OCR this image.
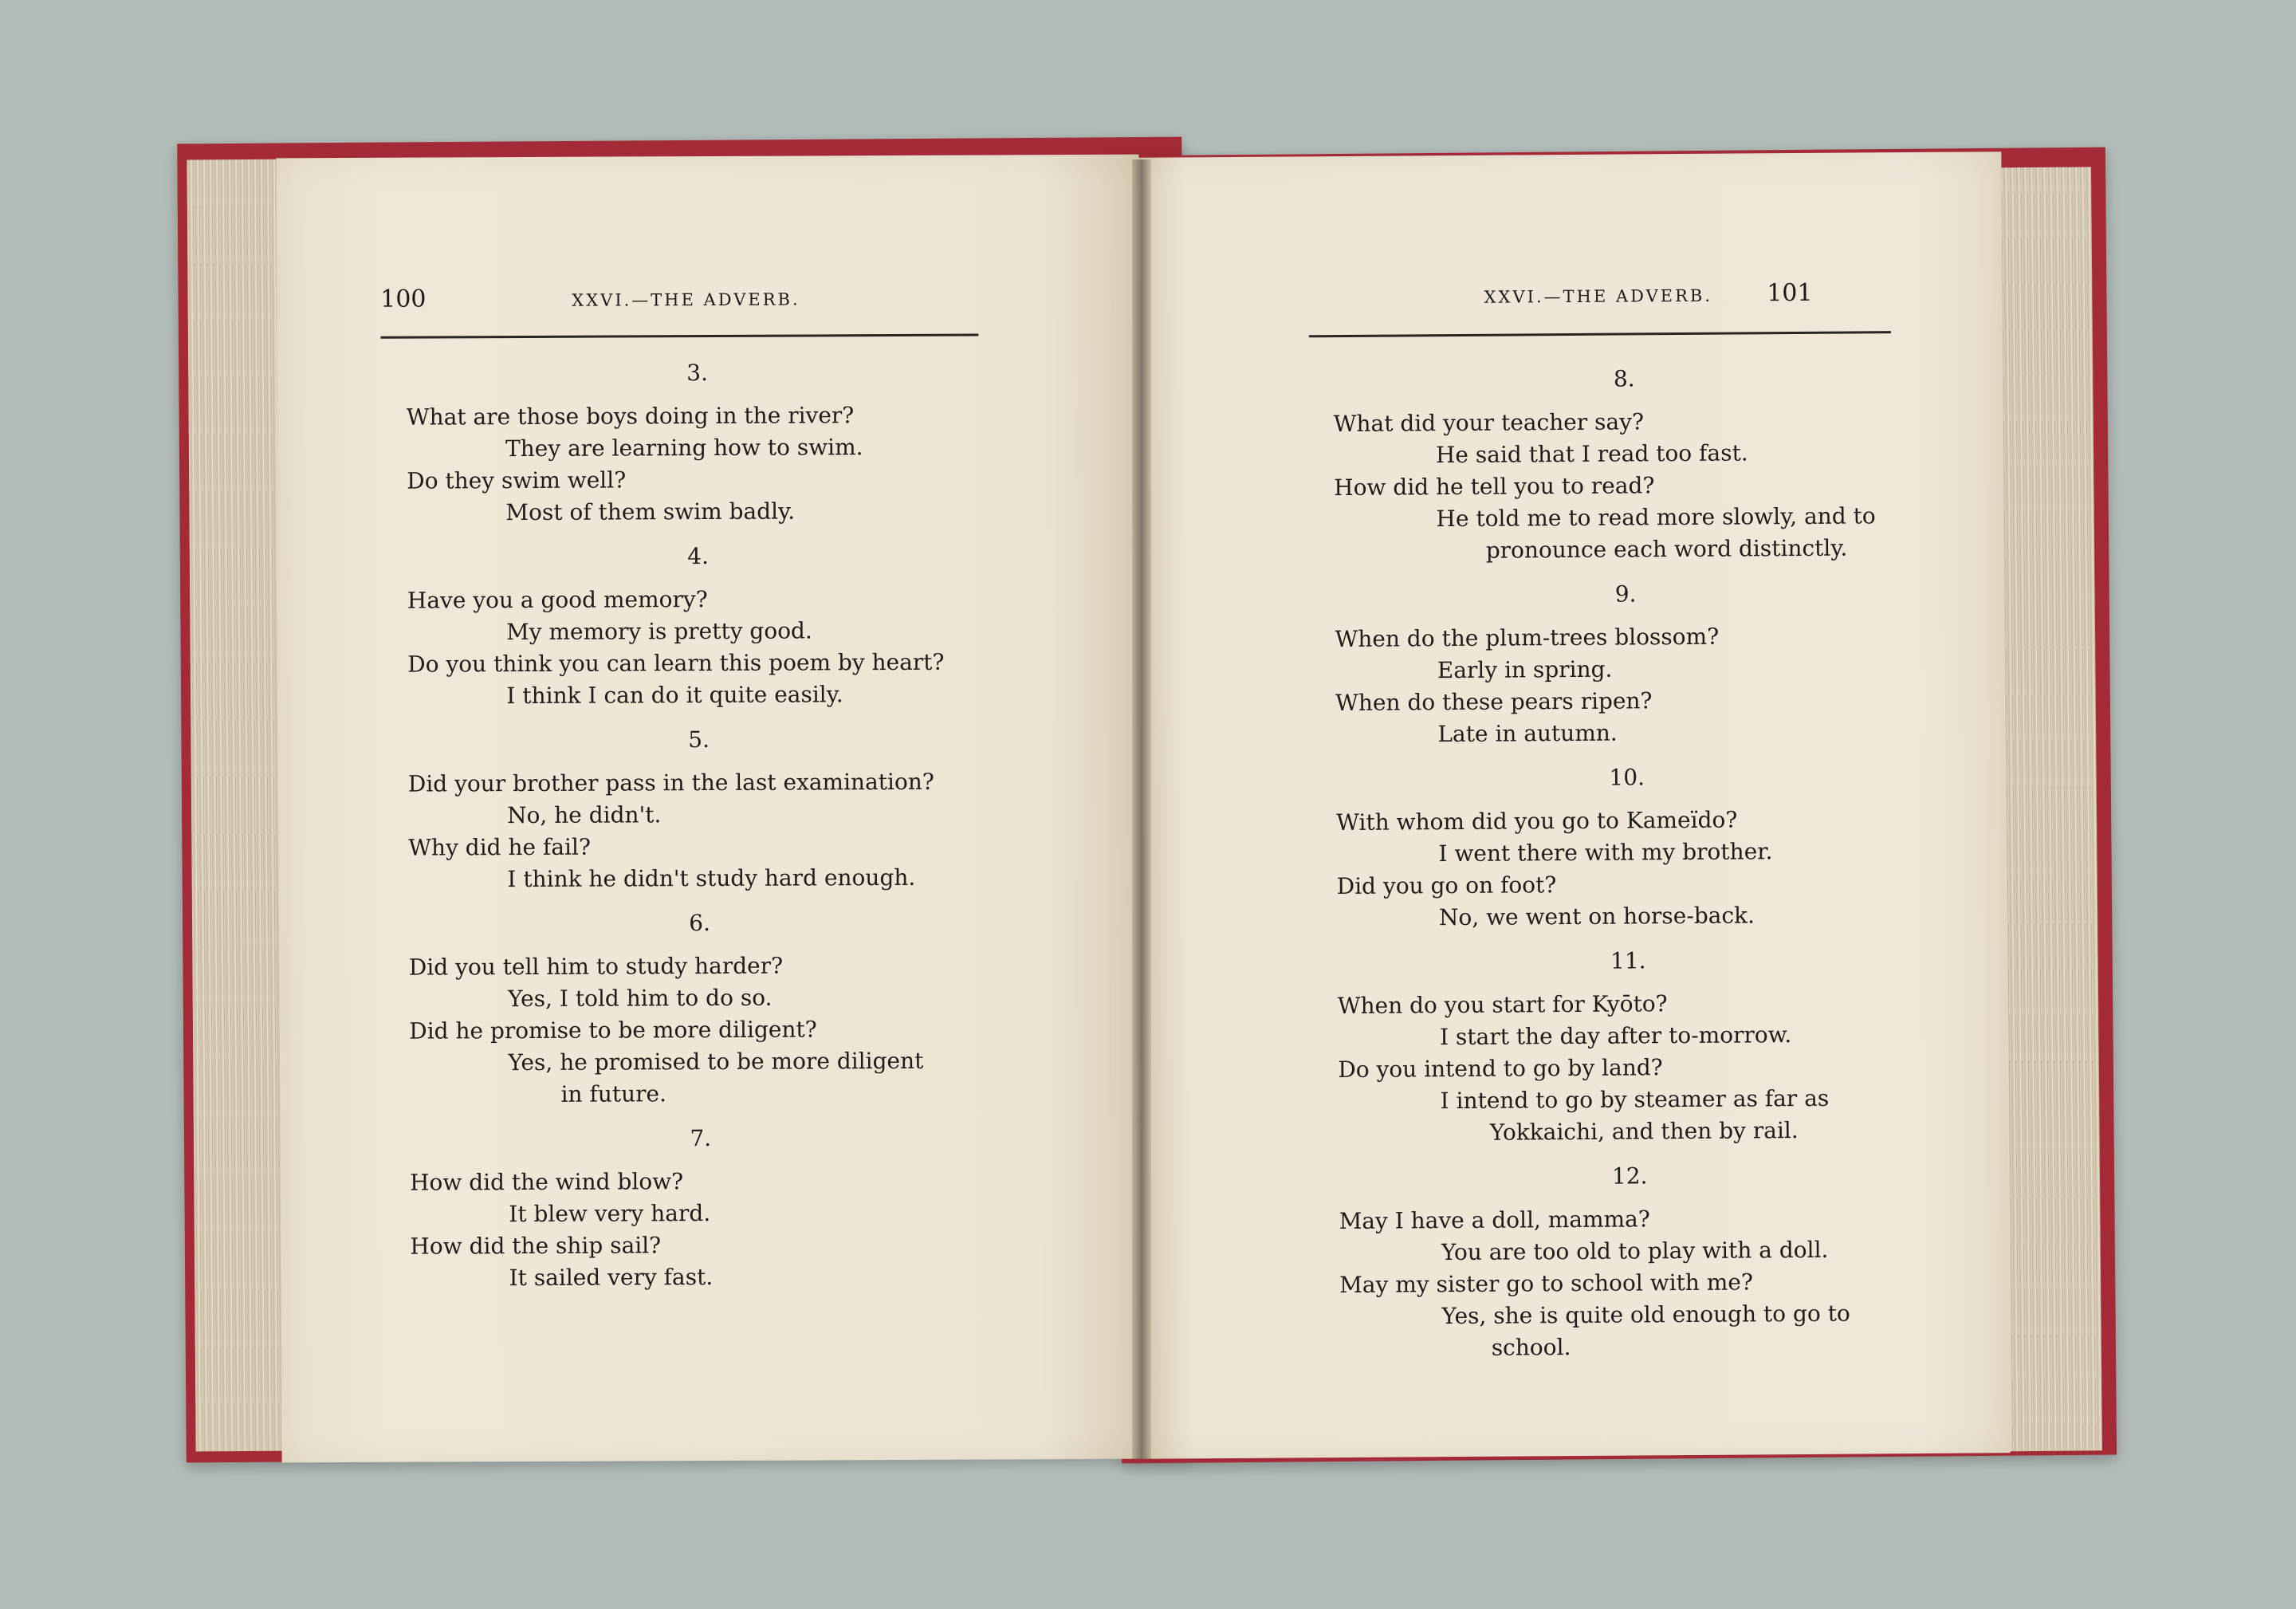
100	XXVI.—THE ADVERB.
3.
What are those boys doing in the river?
They are learning how to swim.
Do they swim well?
Most of them swim badly.
4.
Have you a good memory?
My memory is pretty good.
Do you think you can learn this poem by heart?
I think I can do it quite easily.
5.
Did your brother pass in the last examination?
No, he didn't.
Why did he fail?
I think he didn't study hard enough.
6.
Did you tell him to study harder?
Yes, I told him to do so.
Did he promise to be more diligent?
Yes, he promised to be more diligent
in future.
7.
How did the wind blow?
It blew very hard.
How did the ship sail?
It sailed very fast.
XXVI.—THE ADVERB. 101
8.
What did your teacher say?
He said that I read too fast.
How did he tell you to read?
He told me to read more slowly, and to
pronounce each word distinctly.
9.
When do the plum-trees blossom?
Early in spring.
When do these pears ripen?
Late in autumn.
10.
With whom did you go to Kameïdo?
I went there with my brother.
Did you go on foot?
No, we went on horse-back.
11.
When do you start for Kyōto?
I start the day after to-morrow.
Do you intend to go by land?
I intend to go by steamer as far as
Yokkaichi, and then by rail.
12.
May I have a doll, mamma?
You are too old to play with a doll.
May my sister go to school with me?
Yes, she is quite old enough to go to
school.
